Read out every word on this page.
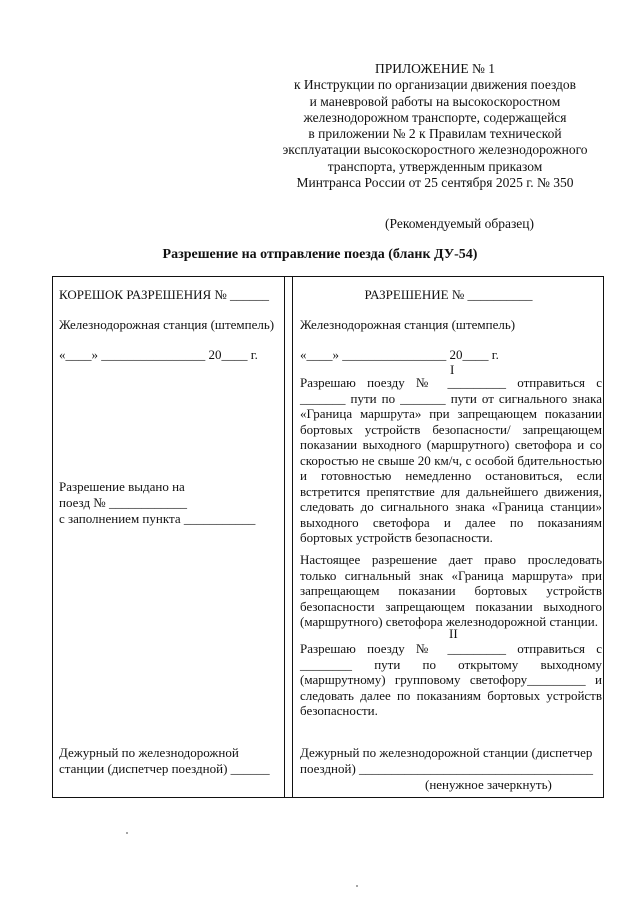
ПРИЛОЖЕНИЕ № 1
к Инструкции по организации движения поездов
и маневровой работы на высокоскоростном
железнодорожном транспорте, содержащейся
в приложении № 2 к Правилам технической
эксплуатации высокоскоростного железнодорожного
транспорта, утвержденным приказом
Минтранса России от 25 сентября 2025 г. № 350
(Рекомендуемый образец)
Разрешение на отправление поезда (бланк ДУ-54)
КОРЕШОК РАЗРЕШЕНИЯ № ______
Железнодорожная станция (штемпель)
«____» ________________ 20____ г.
Разрешение выдано на
поезд № ____________
с заполнением пункта ___________
Дежурный по железнодорожной
станции (диспетчер поездной) ______
РАЗРЕШЕНИЕ № __________
Железнодорожная станция (штемпель)
«____» ________________ 20____ г.
I

Разрешаю поезду № _________ отправиться с _______ пути по _______ пути от сигнального знака «Граница маршрута» при запрещающем показании бортовых устройств безопасности/ запрещающем показании выходного (маршрутного) светофора и со скоростью не свыше 20 км/ч, с особой бдительностью и готовностью немедленно остановиться, если встретится препятствие для дальнейшего движения, следовать до сигнального знака «Граница станции» выходного светофора и далее по показаниям бортовых устройств безопасности.

Настоящее разрешение дает право проследовать только сигнальный знак «Граница маршрута» при запрещающем показании бортовых устройств безопасности запрещающем показании выходного (маршрутного) светофора железнодорожной станции.

II

Разрешаю поезду № _________ отправиться с ________ пути по открытому выходному (маршрутному) групповому светофору_________ и следовать далее по показаниям бортовых устройств безопасности.

Дежурный по железнодорожной станции (диспетчер
поездной) ____________________________________
(ненужное зачеркнуть)
